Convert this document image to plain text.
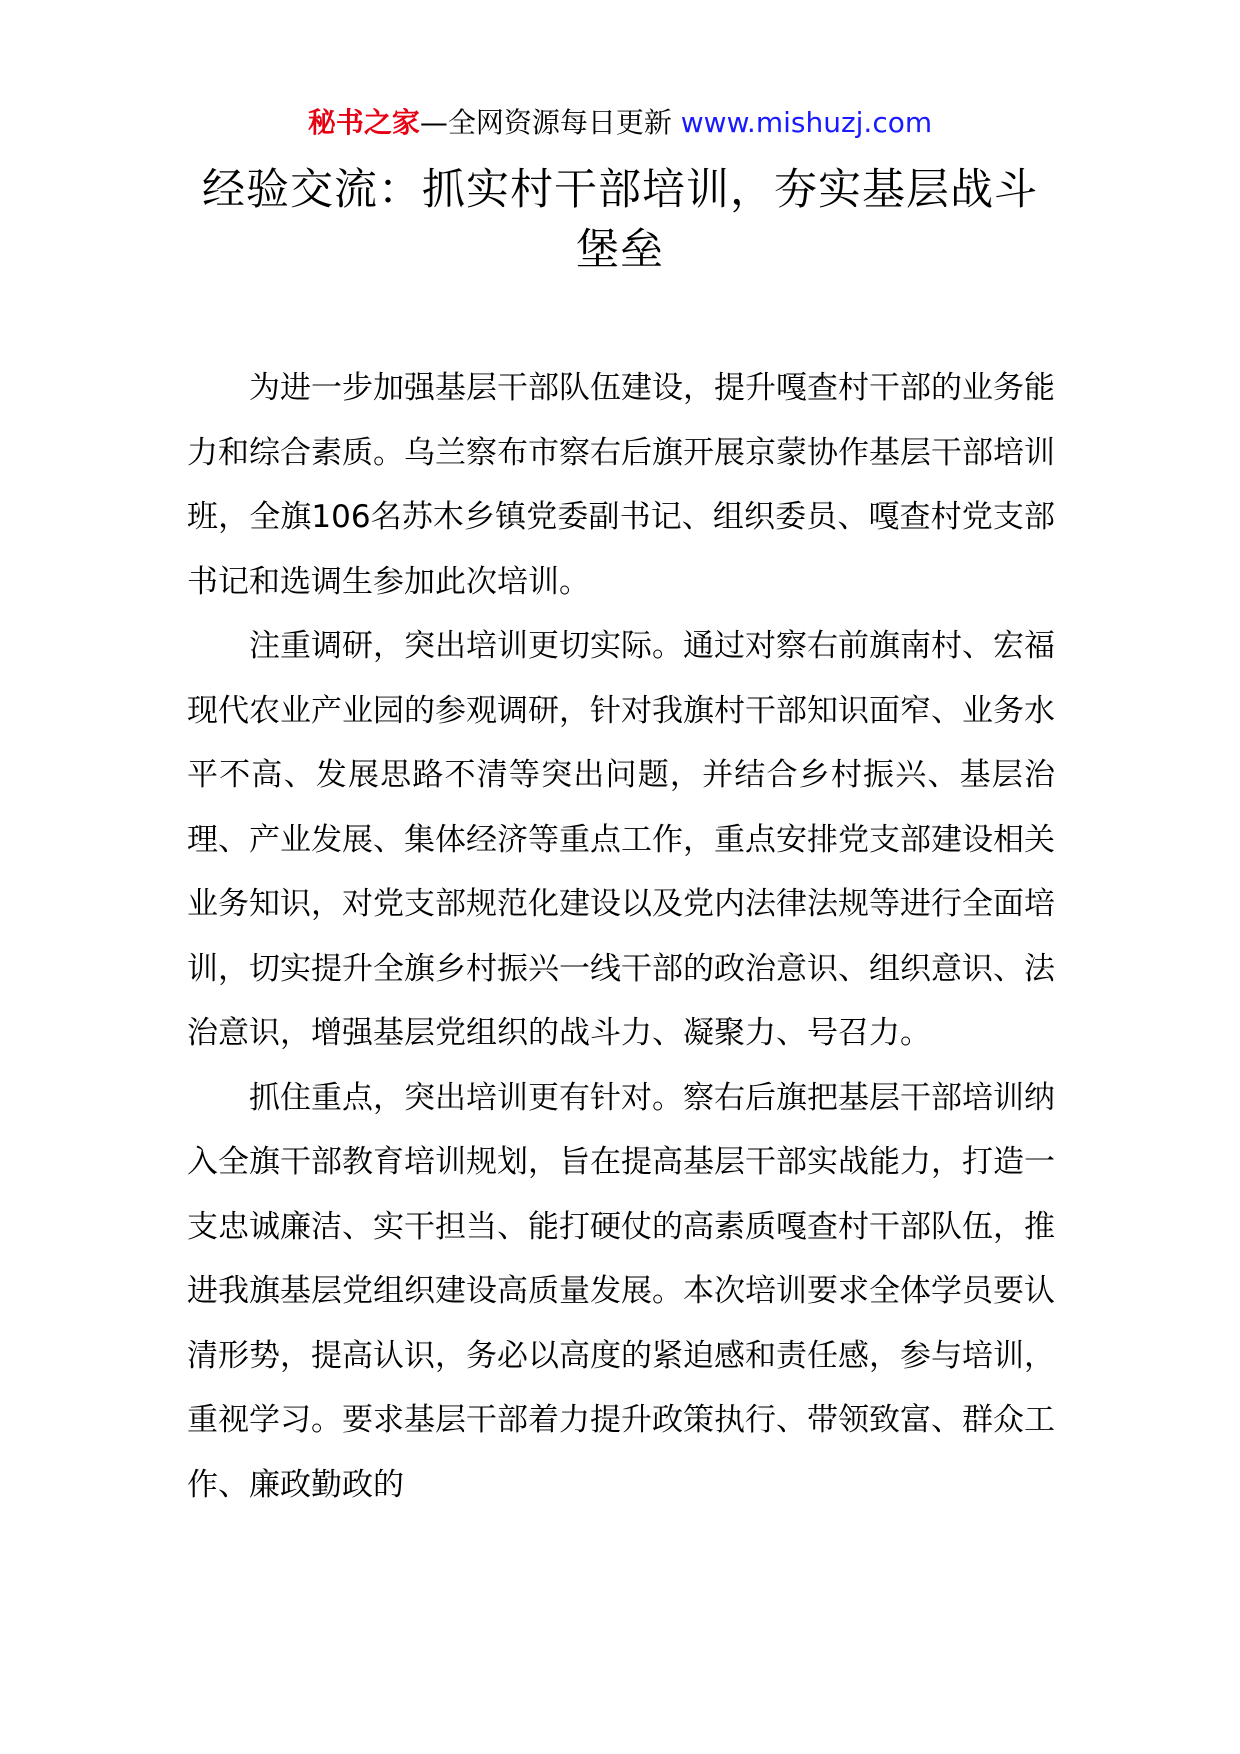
秘书之家—全网资源每日更新 www.mishuzj.com
经验交流：抓实村干部培训，夯实基层战斗堡垒

为进一步加强基层干部队伍建设，提升嘎查村干部的业务能力和综合素质。乌兰察布市察右后旗开展京蒙协作基层干部培训班，全旗106名苏木乡镇党委副书记、组织委员、嘎查村党支部书记和选调生参加此次培训。

注重调研，突出培训更切实际。通过对察右前旗南村、宏福现代农业产业园的参观调研，针对我旗村干部知识面窄、业务水平不高、发展思路不清等突出问题，并结合乡村振兴、基层治理、产业发展、集体经济等重点工作，重点安排党支部建设相关业务知识，对党支部规范化建设以及党内法律法规等进行全面培训，切实提升全旗乡村振兴一线干部的政治意识、组织意识、法治意识，增强基层党组织的战斗力、凝聚力、号召力。

抓住重点，突出培训更有针对。察右后旗把基层干部培训纳入全旗干部教育培训规划，旨在提高基层干部实战能力，打造一支忠诚廉洁、实干担当、能打硬仗的高素质嘎查村干部队伍，推进我旗基层党组织建设高质量发展。本次培训要求全体学员要认清形势，提高认识，务必以高度的紧迫感和责任感，参与培训，重视学习。要求基层干部着力提升政策执行、带领致富、群众工作、廉政勤政的
